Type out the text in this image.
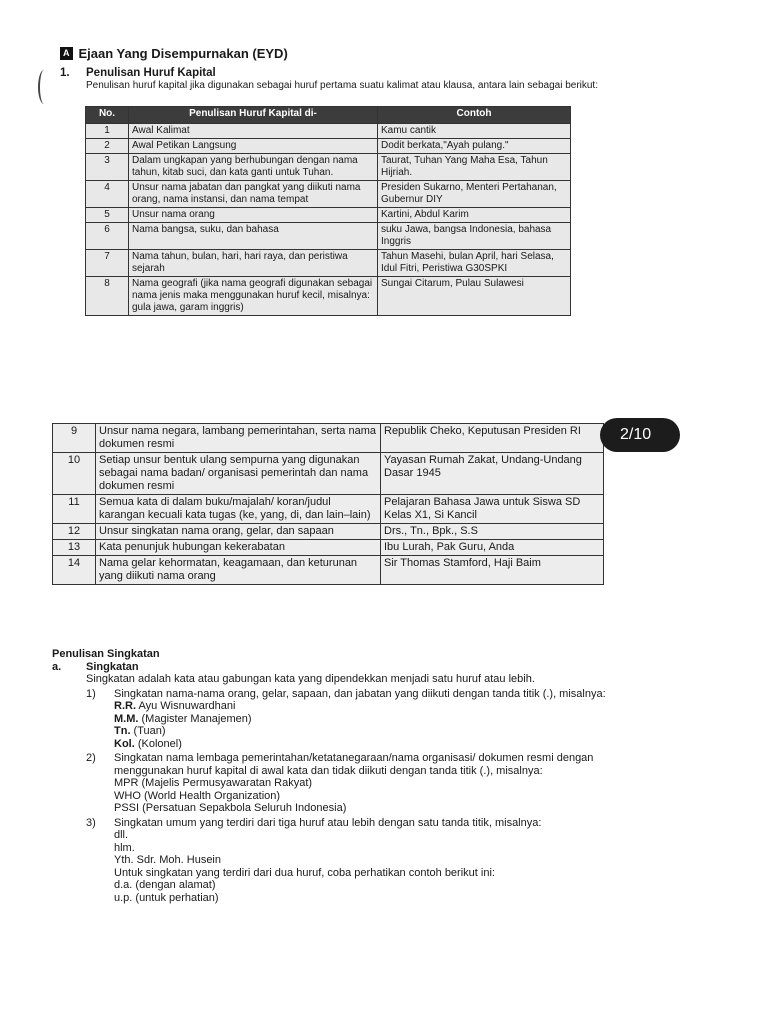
A Ejaan Yang Disempurnakan (EYD)
1. Penulisan Huruf Kapital
Penulisan huruf kapital jika digunakan sebagai huruf pertama suatu kalimat atau klausa, antara lain sebagai berikut:
No.	Penulisan Huruf Kapital di-	Contoh
1	Awal Kalimat	Kamu cantik
2	Awal Petikan Langsung	Dodit berkata,"Ayah pulang."
3	Dalam ungkapan yang berhubungan dengan nama tahun, kitab suci, dan kata ganti untuk Tuhan.	Taurat, Tuhan Yang Maha Esa, Tahun Hijriah.
4	Unsur nama jabatan dan pangkat yang diikuti nama orang, nama instansi, dan nama tempat	Presiden Sukarno, Menteri Pertahanan, Gubernur DIY
5	Unsur nama orang	Kartini, Abdul Karim
6	Nama bangsa, suku, dan bahasa	suku Jawa, bangsa Indonesia, bahasa Inggris
7	Nama tahun, bulan, hari, hari raya, dan peristiwa sejarah	Tahun Masehi, bulan April, hari Selasa, Idul Fitri, Peristiwa G30SPKI
8	Nama geografi (jika nama geografi digunakan sebagai nama jenis maka menggunakan huruf kecil, misalnya: gula jawa, garam inggris)	Sungai Citarum, Pulau Sulawesi
9	Unsur nama negara, lambang pemerintahan, serta nama dokumen resmi	Republik Cheko, Keputusan Presiden RI
10	Setiap unsur bentuk ulang sempurna yang digunakan sebagai nama badan/ organisasi pemerintah dan nama dokumen resmi	Yayasan Rumah Zakat, Undang-Undang Dasar 1945
11	Semua kata di dalam buku/majalah/ koran/judul karangan kecuali kata tugas (ke, yang, di, dan lain–lain)	Pelajaran Bahasa Jawa untuk Siswa SD Kelas X1, Si Kancil
12	Unsur singkatan nama orang, gelar, dan sapaan	Drs., Tn., Bpk., S.S
13	Kata penunjuk hubungan kekerabatan	Ibu Lurah, Pak Guru, Anda
14	Nama gelar kehormatan, keagamaan, dan keturunan yang diikuti nama orang	Sir Thomas Stamford, Haji Baim
2/10
Penulisan Singkatan
a.	Singkatan
Singkatan adalah kata atau gabungan kata yang dipendekkan menjadi satu huruf atau lebih.
1)	Singkatan nama-nama orang, gelar, sapaan, dan jabatan yang diikuti dengan tanda titik (.), misalnya:
R.R. Ayu Wisnuwardhani
M.M. (Magister Manajemen)
Tn. (Tuan)
Kol. (Kolonel)
2)	Singkatan nama lembaga pemerintahan/ketatanegaraan/nama organisasi/ dokumen resmi dengan menggunakan huruf kapital di awal kata dan tidak diikuti dengan tanda titik (.), misalnya:
MPR (Majelis Permusyawaratan Rakyat)
WHO (World Health Organization)
PSSI (Persatuan Sepakbola Seluruh Indonesia)
3)	Singkatan umum yang terdiri dari tiga huruf atau lebih dengan satu tanda titik, misalnya:
dll.
hlm.
Yth. Sdr. Moh. Husein
Untuk singkatan yang terdiri dari dua huruf, coba perhatikan contoh berikut ini:
d.a. (dengan alamat)
u.p. (untuk perhatian)
